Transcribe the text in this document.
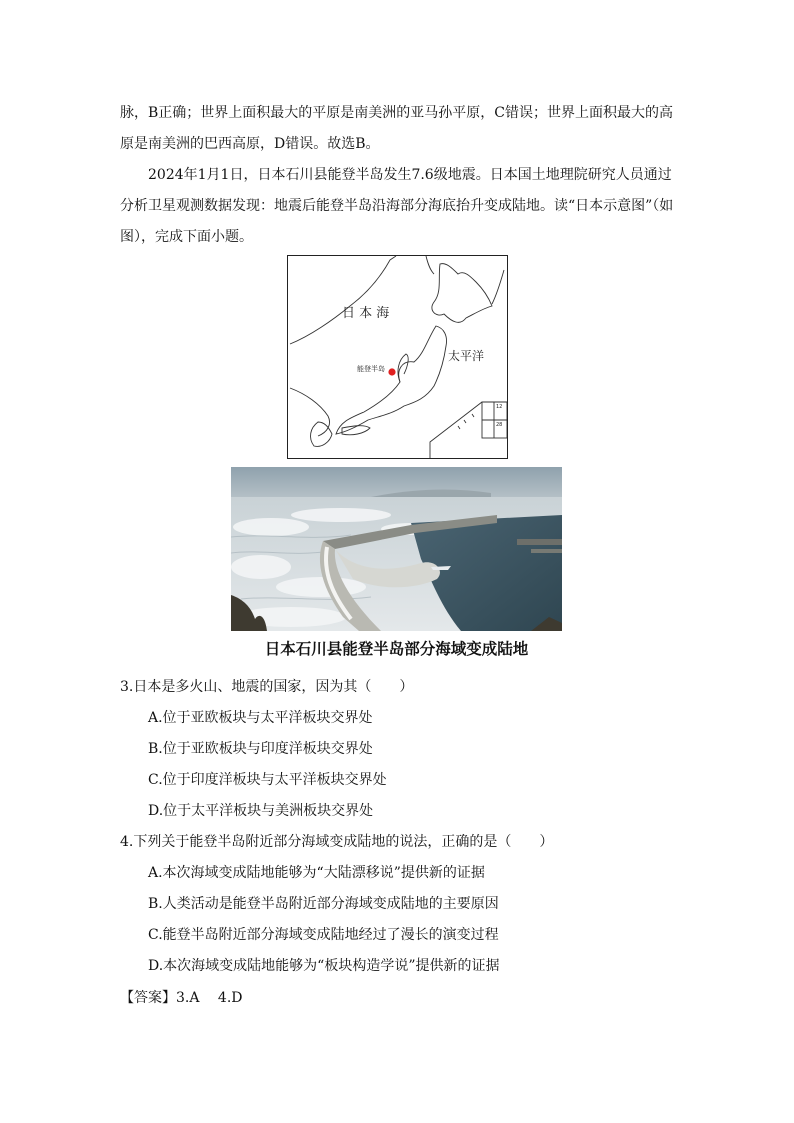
脉，B正确；世界上面积最大的平原是南美洲的亚马孙平原，C错误；世界上面积最大的高

原是南美洲的巴西高原，D错误。故选B。

2024年1月1日，日本石川县能登半岛发生7.6级地震。日本国土地理院研究人员通过分析卫星观测数据发现：地震后能登半岛沿海部分海底抬升变成陆地。读“日本示意图”（如图），完成下面小题。

日 本 海
太平洋
能登半岛
12
28
日本石川县能登半岛部分海域变成陆地

3.日本是多火山、地震的国家，因为其（　　）

A.位于亚欧板块与太平洋板块交界处

B.位于亚欧板块与印度洋板块交界处

C.位于印度洋板块与太平洋板块交界处

D.位于太平洋板块与美洲板块交界处

4.下列关于能登半岛附近部分海域变成陆地的说法，正确的是（　　）

A.本次海域变成陆地能够为“大陆漂移说”提供新的证据

B.人类活动是能登半岛附近部分海域变成陆地的主要原因

C.能登半岛附近部分海域变成陆地经过了漫长的演变过程

D.本次海域变成陆地能够为“板块构造学说”提供新的证据

【答案】3.A　 4.D
